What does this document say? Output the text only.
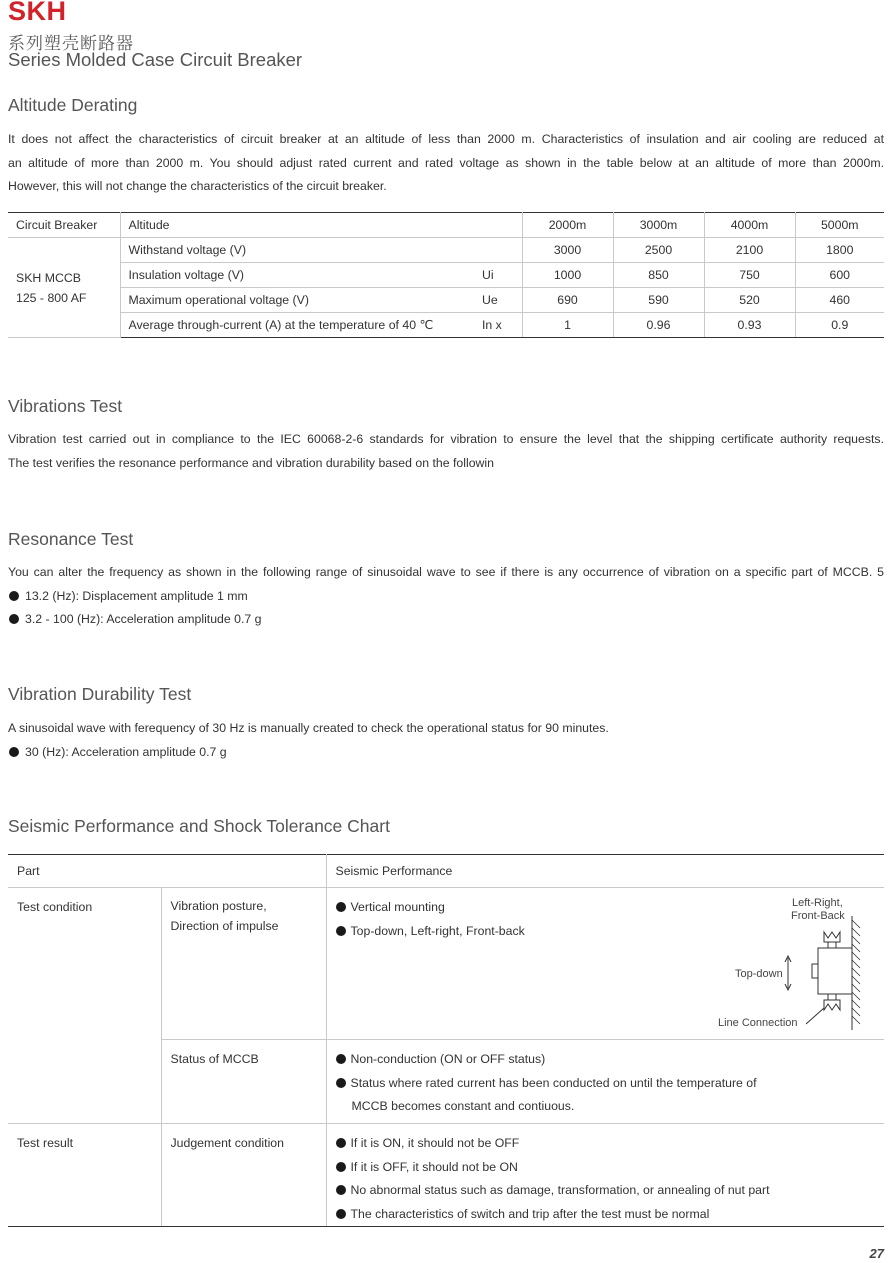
SKH
系列塑壳断路器
Series Molded Case Circuit Breaker
Altitude Derating
It does not affect the characteristics of circuit breaker at an altitude of less than 2000 m. Characteristics of insulation and air cooling are reduced at
an altitude of more than 2000 m. You should adjust rated current and rated voltage as shown in the table below at an altitude of more than 2000m.
However, this will not change the characteristics of the circuit breaker.
Circuit Breaker	Altitude		2000m	3000m	4000m	5000m

SKH MCCB
125 - 800 AF	Withstand voltage (V)		3000	2500	2100	1800
	Insulation voltage (V)	Ui	1000	850	750	600
	Maximum operational voltage (V)	Ue	690	590	520	460
	Average through-current (A) at the temperature of 40 ℃	In x	1	0.96	0.93	0.9
Vibrations Test
Vibration test carried out in compliance to the IEC 60068-2-6 standards for vibration to ensure the level that the shipping certificate authority requests.
The test verifies the resonance performance and vibration durability based on the followin
Resonance Test
You can alter the frequency as shown in the following range of sinusoidal wave to see if there is any occurrence of vibration on a specific part of MCCB. 5
13.2 (Hz): Displacement amplitude 1 mm
3.2 - 100 (Hz): Acceleration amplitude 0.7 g
Vibration Durability Test
A sinusoidal wave with ferequency of 30 Hz is manually created to check the operational status for 90 minutes.
30 (Hz): Acceleration amplitude 0.7 g
Seismic Performance and Shock Tolerance Chart
Part		Seismic Performance

Test condition	Vibration posture,
Direction of impulse	Vertical mounting
Top-down, Left-right, Front-back

	Status of MCCB	Non-conduction (ON or OFF status)
Status where rated current has been conducted on until the temperature of
MCCB becomes constant and contiuous.

Test result	Judgement condition	If it is ON, it should not be OFF
If it is OFF, it should not be ON
No abnormal status such as damage, transformation, or annealing of nut part
The characteristics of switch and trip after the test must be normal
Left-Right,
Front-Back
Top-down
Line Connection
27
